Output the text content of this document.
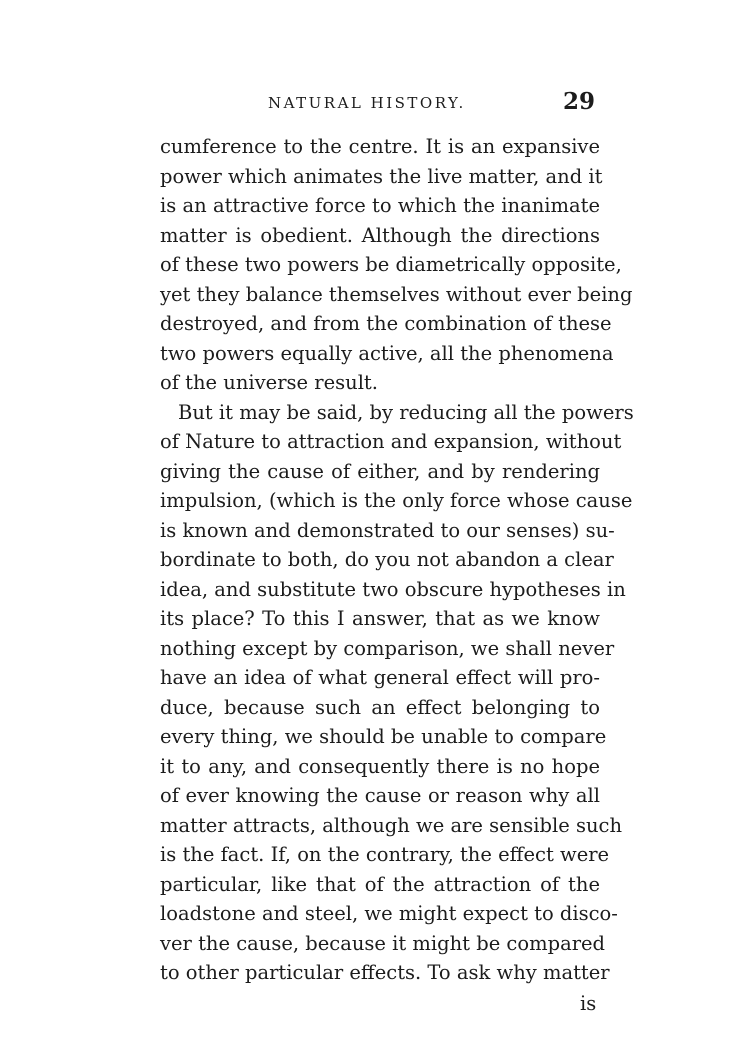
NATURAL HISTORY.	29
cumference to the centre. It is an expansive
power which animates the live matter, and it
is an attractive force to which the inanimate
matter is obedient. Although the directions
of these two powers be diametrically opposite,
yet they balance themselves without ever being
destroyed, and from the combination of these
two powers equally active, all the phenomena
of the universe result.
But it may be said, by reducing all the powers
of Nature to attraction and expansion, without
giving the cause of either, and by rendering
impulsion, (which is the only force whose cause
is known and demonstrated to our senses) su-
bordinate to both, do you not abandon a clear
idea, and substitute two obscure hypotheses in
its place? To this I answer, that as we know
nothing except by comparison, we shall never
have an idea of what general effect will pro-
duce, because such an effect belonging to
every thing, we should be unable to compare
it to any, and consequently there is no hope
of ever knowing the cause or reason why all
matter attracts, although we are sensible such
is the fact. If, on the contrary, the effect were
particular, like that of the attraction of the
loadstone and steel, we might expect to disco-
ver the cause, because it might be compared
to other particular effects. To ask why matter
is
